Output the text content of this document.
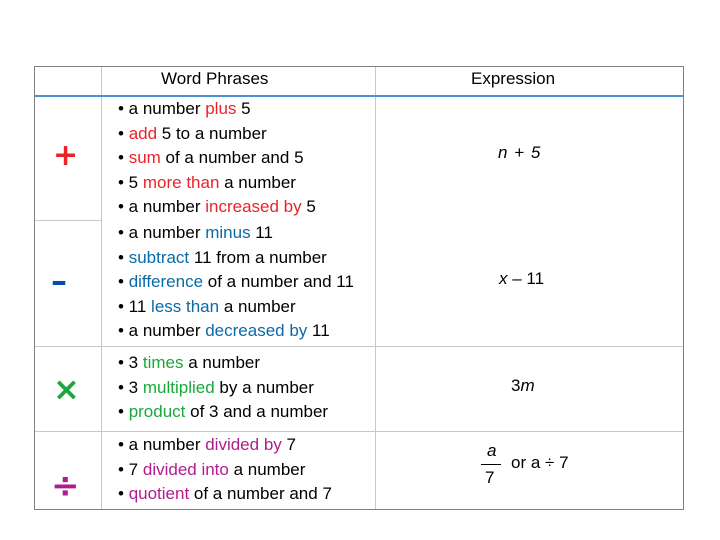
Word Phrases	Expression
+
• a number plus 5
• add 5 to a number
• sum of a number and 5
• 5 more than a number
• a number increased by 5
n + 5
–
• a number minus 11
• subtract 11 from a number
• difference of a number and 11
• 11 less than a number
• a number decreased by 11
x – 11
×
• 3 times a number
• 3 multiplied by a number
• product of 3 and a number
3m
÷
• a number divided by 7
• 7 divided into a number
• quotient of a number and 7
a
7
or a ÷ 7
